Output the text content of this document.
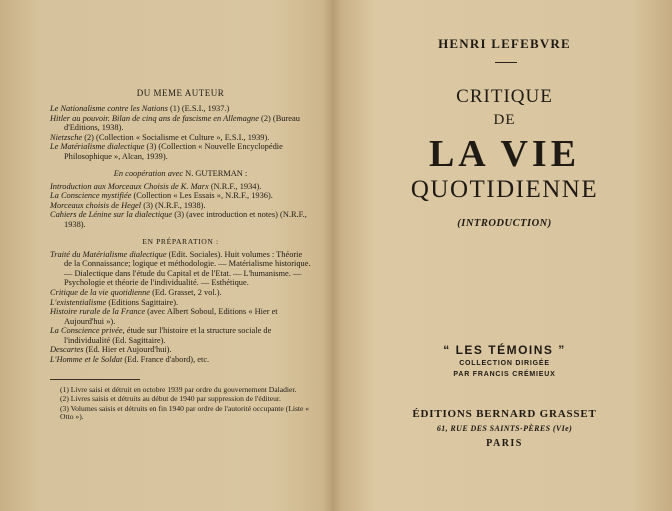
DU MEME AUTEUR

Le Nationalisme contre les Nations (1) (E.S.I., 1937.)

Hitler au pouvoir. Bilan de cinq ans de fascisme en Allemagne (2) (Bureau d'Editions, 1938).

Nietzsche (2) (Collection « Socialisme et Culture », E.S.I., 1939).

Le Matérialisme dialectique (3) (Collection « Nouvelle Encyclopédie Philosophique », Alcan, 1939).

En coopération avec N. GUTERMAN :

Introduction aux Morceaux Choisis de K. Marx (N.R.F., 1934).

La Conscience mystifiée (Collection « Les Essais », N.R.F., 1936).

Morceaux choisis de Hegel (3) (N.R.F., 1938).

Cahiers de Lénine sur la dialectique (3) (avec introduction et notes) (N.R.F., 1938).

EN PRÉPARATION :

Traité du Matérialisme dialectique (Edit. Sociales). Huit volumes : Théorie de la Connaissance; logique et méthodologie. — Matérialisme historique. — Dialectique dans l'étude du Capital et de l'Etat. — L'humanisme. — Psychologie et théorie de l'individualité. — Esthétique.

Critique de la vie quotidienne (Ed. Grasset, 2 vol.).

L'existentialisme (Editions Sagittaire).

Histoire rurale de la France (avec Albert Soboul, Editions « Hier et Aujourd'hui »).

La Conscience privée, étude sur l'histoire et la structure sociale de l'individualité (Ed. Sagittaire).

Descartes (Ed. Hier et Aujourd'hui).

L'Homme et le Soldat (Ed. France d'abord), etc.

(1) Livre saisi et détruit en octobre 1939 par ordre du gouvernement Daladier.

(2) Livres saisis et détruits au début de 1940 par suppression de l'éditeur.

(3) Volumes saisis et détruits en fin 1940 par ordre de l'autorité occupante (Liste « Otto »).

HENRI LEFEBVRE
CRITIQUE
DE
LA VIE
QUOTIDIENNE
(INTRODUCTION)
“ LES TÉMOINS ”
COLLECTION DIRIGÉE
PAR FRANCIS CRÉMIEUX
ÉDITIONS BERNARD GRASSET
61, RUE DES SAINTS-PÈRES (VIe)
PARIS
